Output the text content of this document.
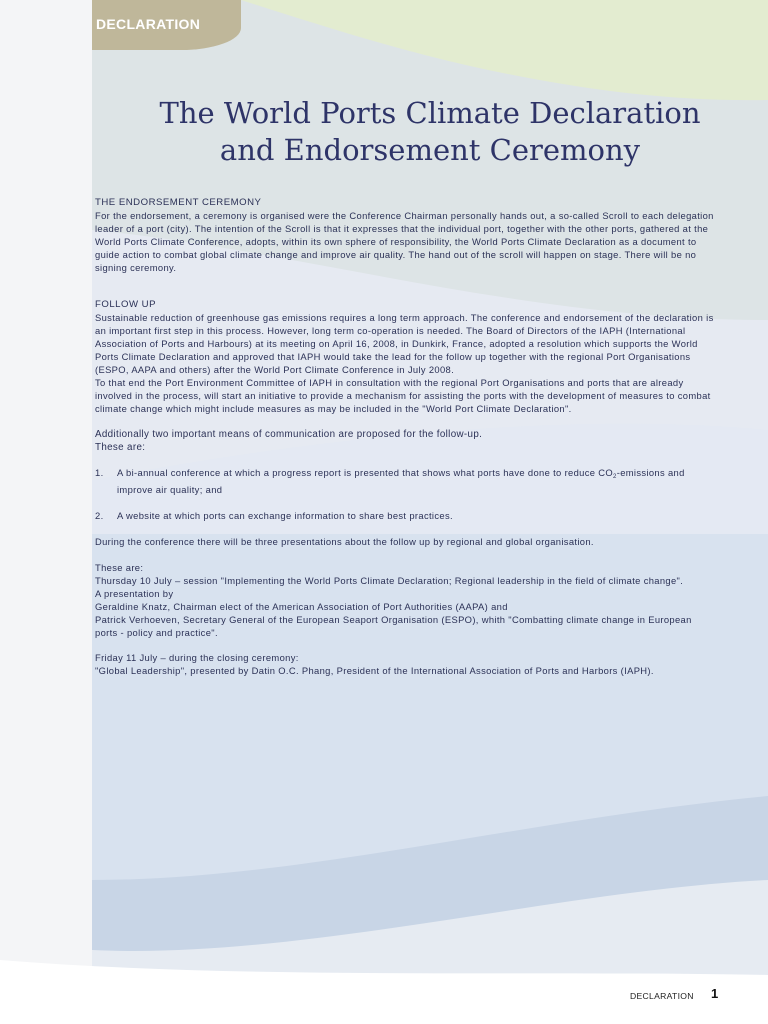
DECLARATION
The World Ports Climate Declaration
and Endorsement Ceremony
THE ENDORSEMENT CEREMONY

For the endorsement, a ceremony is organised were the Conference Chairman personally hands out, a so-called Scroll to each delegation leader of a port (city). The intention of the Scroll is that it expresses that the individual port, together with the other ports, gathered at the World Ports Climate Conference, adopts, within its own sphere of responsibility, the World Ports Climate Declaration as a document to guide action to combat global climate change and improve air quality. The hand out of the scroll will happen on stage. There will be no signing ceremony.

FOLLOW UP

Sustainable reduction of greenhouse gas emissions requires a long term approach. The conference and endorsement of the declaration is an important first step in this process. However, long term co-operation is needed. The Board of Directors of the IAPH (International Association of Ports and Harbours) at its meeting on April 16, 2008, in Dunkirk, France, adopted a resolution which supports the World Ports Climate Declaration and approved that IAPH would take the lead for the follow up together with the regional Port Organisations (ESPO, AAPA and others) after the World Port Climate Conference in July 2008.

To that end the Port Environment Committee of IAPH in consultation with the regional Port Organisations and ports that are already involved in the process, will start an initiative to provide a mechanism for assisting the ports with the development of measures to combat climate change which might include measures as may be included in the "World Port Climate Declaration".

Additionally two important means of communication are proposed for the follow-up.

These are:

1.	A bi-annual conference at which a progress report is presented that shows what ports have done to reduce $CO_2$-emissions and improve air quality; and
2.	A website at which ports can exchange information to share best practices.

During the conference there will be three presentations about the follow up by regional and global organisation.

These are:

Thursday 10 July – session "Implementing the World Ports Climate Declaration; Regional leadership in the field of climate change".

A presentation by

Geraldine Knatz, Chairman elect of the American Association of Port Authorities (AAPA) and

Patrick Verhoeven, Secretary General of the European Seaport Organisation (ESPO), whith "Combatting climate change in European ports - policy and practice".

Friday 11 July – during the closing ceremony:

"Global Leadership", presented by Datin O.C. Phang, President of the International Association of Ports and Harbors (IAPH).

DECLARATION 1
